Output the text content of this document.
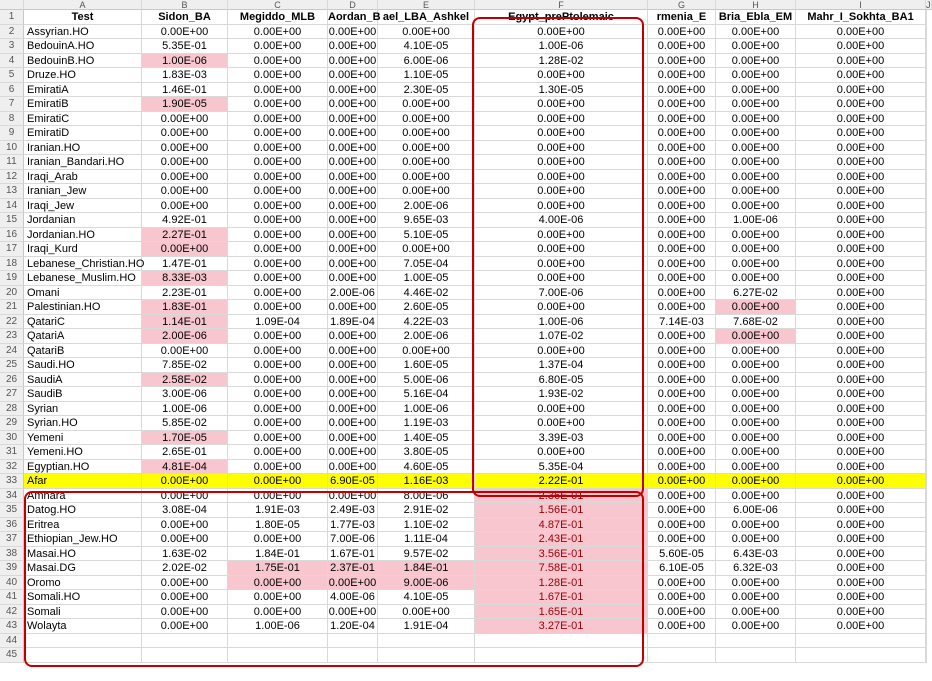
A	B	C	D	E	F	G	H	I	J
1	Test	Sidon_BA	Megiddo_MLB	Aordan_B ael_LBA_Ashkel	Egypt_prePtolemaic	rmenia_E	Bria_Ebla_EM	Mahr_I_Sokhta_BA1
2	Assyrian.HO	0.00E+00	0.00E+00	0.00E+00	0.00E+00	0.00E+00	0.00E+00	0.00E+00	0.00E+00
3	BedouinA.HO	5.35E-01	0.00E+00	0.00E+00	4.10E-05	1.00E-06	0.00E+00	0.00E+00	0.00E+00
4	BedouinB.HO	1.00E-06	0.00E+00	0.00E+00	6.00E-06	1.28E-02	0.00E+00	0.00E+00	0.00E+00
5	Druze.HO	1.83E-03	0.00E+00	0.00E+00	1.10E-05	0.00E+00	0.00E+00	0.00E+00	0.00E+00
6	EmiratiA	1.46E-01	0.00E+00	0.00E+00	2.30E-05	1.30E-05	0.00E+00	0.00E+00	0.00E+00
7	EmiratiB	1.90E-05	0.00E+00	0.00E+00	0.00E+00	0.00E+00	0.00E+00	0.00E+00	0.00E+00
8	EmiratiC	0.00E+00	0.00E+00	0.00E+00	0.00E+00	0.00E+00	0.00E+00	0.00E+00	0.00E+00
9	EmiratiD	0.00E+00	0.00E+00	0.00E+00	0.00E+00	0.00E+00	0.00E+00	0.00E+00	0.00E+00
10 Iranian.HO	0.00E+00	0.00E+00	0.00E+00	0.00E+00	0.00E+00	0.00E+00	0.00E+00	0.00E+00
11 Iranian_Bandari.HO	0.00E+00	0.00E+00	0.00E+00	0.00E+00	0.00E+00	0.00E+00	0.00E+00	0.00E+00
12 Iraqi_Arab	0.00E+00	0.00E+00	0.00E+00	0.00E+00	0.00E+00	0.00E+00	0.00E+00	0.00E+00
13 Iranian_Jew	0.00E+00	0.00E+00	0.00E+00	0.00E+00	0.00E+00	0.00E+00	0.00E+00	0.00E+00
14 Iraqi_Jew	0.00E+00	0.00E+00	0.00E+00	2.00E-06	0.00E+00	0.00E+00	0.00E+00	0.00E+00
15 Jordanian	4.92E-01	0.00E+00	0.00E+00	9.65E-03	4.00E-06	0.00E+00	1.00E-06	0.00E+00
16 Jordanian.HO	2.27E-01	0.00E+00	0.00E+00	5.10E-05	0.00E+00	0.00E+00	0.00E+00	0.00E+00
17 Iraqi_Kurd	0.00E+00	0.00E+00	0.00E+00	0.00E+00	0.00E+00	0.00E+00	0.00E+00	0.00E+00
18 Lebanese_Christian.HO	1.47E-01	0.00E+00	0.00E+00	7.05E-04	0.00E+00	0.00E+00	0.00E+00	0.00E+00
19 Lebanese_Muslim.HO	8.33E-03	0.00E+00	0.00E+00	1.00E-05	0.00E+00	0.00E+00	0.00E+00	0.00E+00
20 Omani	2.23E-01	0.00E+00	2.00E-06	4.46E-02	7.00E-06	0.00E+00	6.27E-02	0.00E+00
21 Palestinian.HO	1.83E-01	0.00E+00	0.00E+00	2.60E-05	0.00E+00	0.00E+00	0.00E+00	0.00E+00
22 QatariC	1.14E-01	1.09E-04	1.89E-04	4.22E-03	1.00E-06	7.14E-03	7.68E-02	0.00E+00
23 QatariA	2.00E-06	0.00E+00	0.00E+00	2.00E-06	1.07E-02	0.00E+00	0.00E+00	0.00E+00
24 QatariB	0.00E+00	0.00E+00	0.00E+00	0.00E+00	0.00E+00	0.00E+00	0.00E+00	0.00E+00
25 Saudi.HO	7.85E-02	0.00E+00	0.00E+00	1.60E-05	1.37E-04	0.00E+00	0.00E+00	0.00E+00
26 SaudiA	2.58E-02	0.00E+00	0.00E+00	5.00E-06	6.80E-05	0.00E+00	0.00E+00	0.00E+00
27 SaudiB	3.00E-06	0.00E+00	0.00E+00	5.16E-04	1.93E-02	0.00E+00	0.00E+00	0.00E+00
28 Syrian	1.00E-06	0.00E+00	0.00E+00	1.00E-06	0.00E+00	0.00E+00	0.00E+00	0.00E+00
29 Syrian.HO	5.85E-02	0.00E+00	0.00E+00	1.19E-03	0.00E+00	0.00E+00	0.00E+00	0.00E+00
30 Yemeni	1.70E-05	0.00E+00	0.00E+00	1.40E-05	3.39E-03	0.00E+00	0.00E+00	0.00E+00
31 Yemeni.HO	2.65E-01	0.00E+00	0.00E+00	3.80E-05	0.00E+00	0.00E+00	0.00E+00	0.00E+00
32 Egyptian.HO	4.81E-04	0.00E+00	0.00E+00	4.60E-05	5.35E-04	0.00E+00	0.00E+00	0.00E+00
33 Afar	0.00E+00	0.00E+00	6.90E-05	1.16E-03	2.22E-01	0.00E+00	0.00E+00	0.00E+00
34 Amhara	0.00E+00	0.00E+00	0.00E+00	8.00E-06	2.36E-01	0.00E+00	0.00E+00	0.00E+00
35 Datog.HO	3.08E-04	1.91E-03	2.49E-03	2.91E-02	1.56E-01	0.00E+00	6.00E-06	0.00E+00
36 Eritrea	0.00E+00	1.80E-05	1.77E-03	1.10E-02	4.87E-01	0.00E+00	0.00E+00	0.00E+00
37 Ethiopian_Jew.HO	0.00E+00	0.00E+00	7.00E-06	1.11E-04	2.43E-01	0.00E+00	0.00E+00	0.00E+00
38 Masai.HO	1.63E-02	1.84E-01	1.67E-01	9.57E-02	3.56E-01	5.60E-05	6.43E-03	0.00E+00
39 Masai.DG	2.02E-02	1.75E-01	2.37E-01	1.84E-01	7.58E-01	6.10E-05	6.32E-03	0.00E+00
40 Oromo	0.00E+00	0.00E+00	0.00E+00	9.00E-06	1.28E-01	0.00E+00	0.00E+00	0.00E+00
41 Somali.HO	0.00E+00	0.00E+00	4.00E-06	4.10E-05	1.67E-01	0.00E+00	0.00E+00	0.00E+00
42 Somali	0.00E+00	0.00E+00	0.00E+00	0.00E+00	1.65E-01	0.00E+00	0.00E+00	0.00E+00
43 Wolayta	0.00E+00	1.00E-06	1.20E-04	1.91E-04	3.27E-01	0.00E+00	0.00E+00	0.00E+00
44
45
